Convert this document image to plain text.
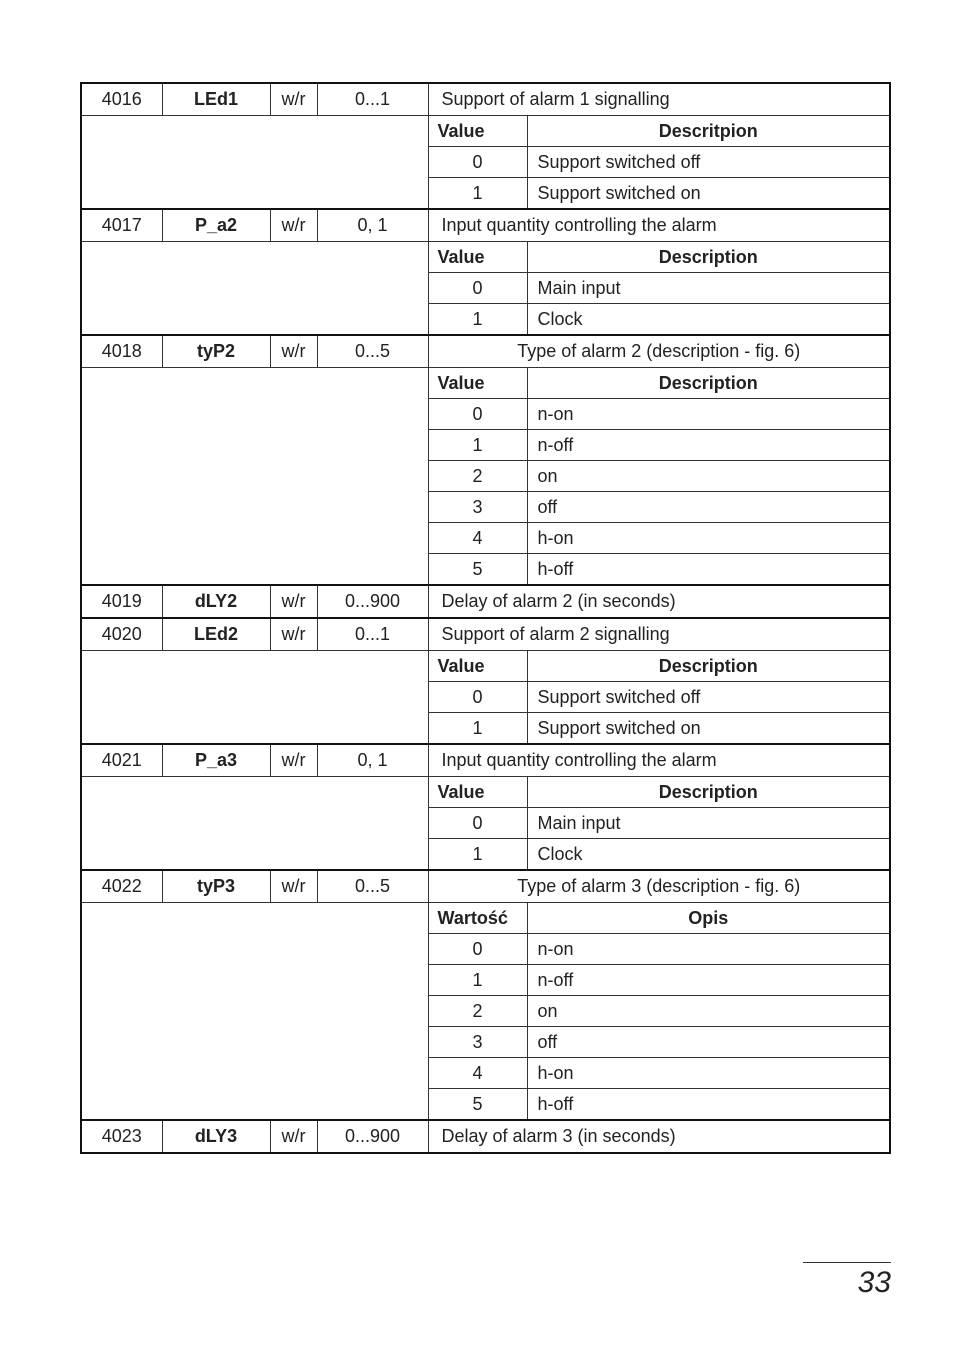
4016	LEd1	w/r	0...1	Support of alarm 1 signalling	
				Value	Descritpion
				0	Support switched off
				1	Support switched on
4017	P_a2	w/r	0, 1	Input quantity controlling the alarm	
				Value	Description
				0	Main input
				1	Clock
4018	tyP2	w/r	0...5	Type of alarm 2 (description - fig. 6)	
				Value	Description
				0	n-on
				1	n-off
				2	on
				3	off
				4	h-on
				5	h-off
4019	dLY2	w/r	0...900	Delay of alarm 2 (in seconds)	
4020	LEd2	w/r	0...1	Support of alarm 2 signalling	
				Value	Description
				0	Support switched off
				1	Support switched on
4021	P_a3	w/r	0, 1	Input quantity controlling the alarm	
				Value	Description
				0	Main input
				1	Clock
4022	tyP3	w/r	0...5	Type of alarm 3 (description - fig. 6)	
				Wartość	Opis
				0	n-on
				1	n-off
				2	on
				3	off
				4	h-on
				5	h-off
4023	dLY3	w/r	0...900	Delay of alarm 3 (in seconds)	
33
